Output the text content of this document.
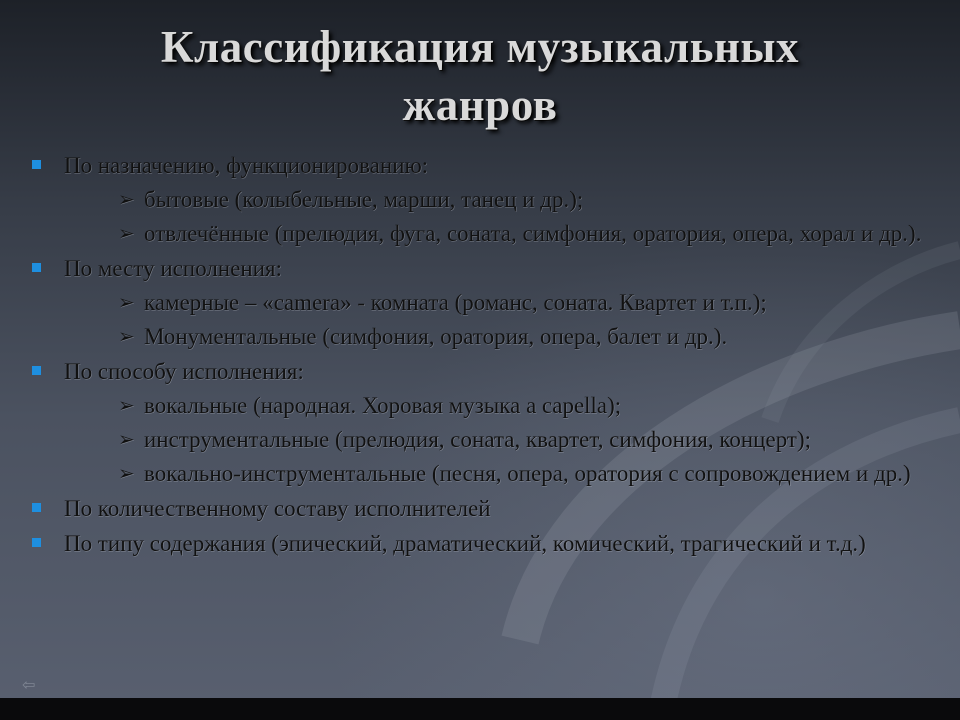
Классификация музыкальных
жанров
По назначению, функционированию:
➢ бытовые (колыбельные, марши, танец и др.);
➢ отвлечённые (прелюдия, фуга, соната, симфония, оратория, опера, хорал и др.).
По месту исполнения:
➢ камерные – «camera» - комната (романс, соната. Квартет и т.п.);
➢ Монументальные (симфония, оратория, опера, балет и др.).
По способу исполнения:
➢ вокальные (народная. Хоровая музыка a capella);
➢ инструментальные (прелюдия, соната, квартет, симфония, концерт);
➢ вокально-инструментальные (песня, опера, оратория с сопровождением и др.)
По количественному составу исполнителей
По типу содержания (эпический, драматический, комический, трагический и т.д.)
⇦
